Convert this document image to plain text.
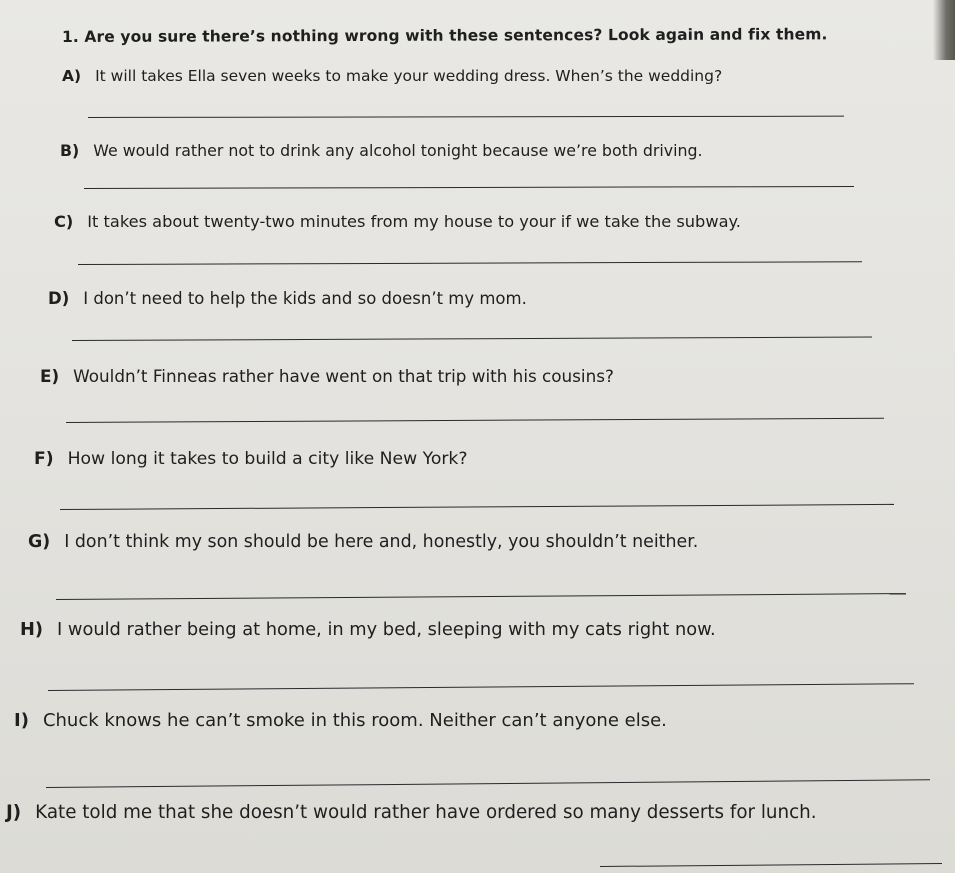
1. Are you sure there’s nothing wrong with these sentences? Look again and fix them.
A) It will takes Ella seven weeks to make your wedding dress. When’s the wedding?
B) We would rather not to drink any alcohol tonight because we’re both driving.
C) It takes about twenty-two minutes from my house to your if we take the subway.
D) I don’t need to help the kids and so doesn’t my mom.
E) Wouldn’t Finneas rather have went on that trip with his cousins?
F) How long it takes to build a city like New York?
G) I don’t think my son should be here and, honestly, you shouldn’t neither.
H) I would rather being at home, in my bed, sleeping with my cats right now.
I) Chuck knows he can’t smoke in this room. Neither can’t anyone else.
J) Kate told me that she doesn’t would rather have ordered so many desserts for lunch.
